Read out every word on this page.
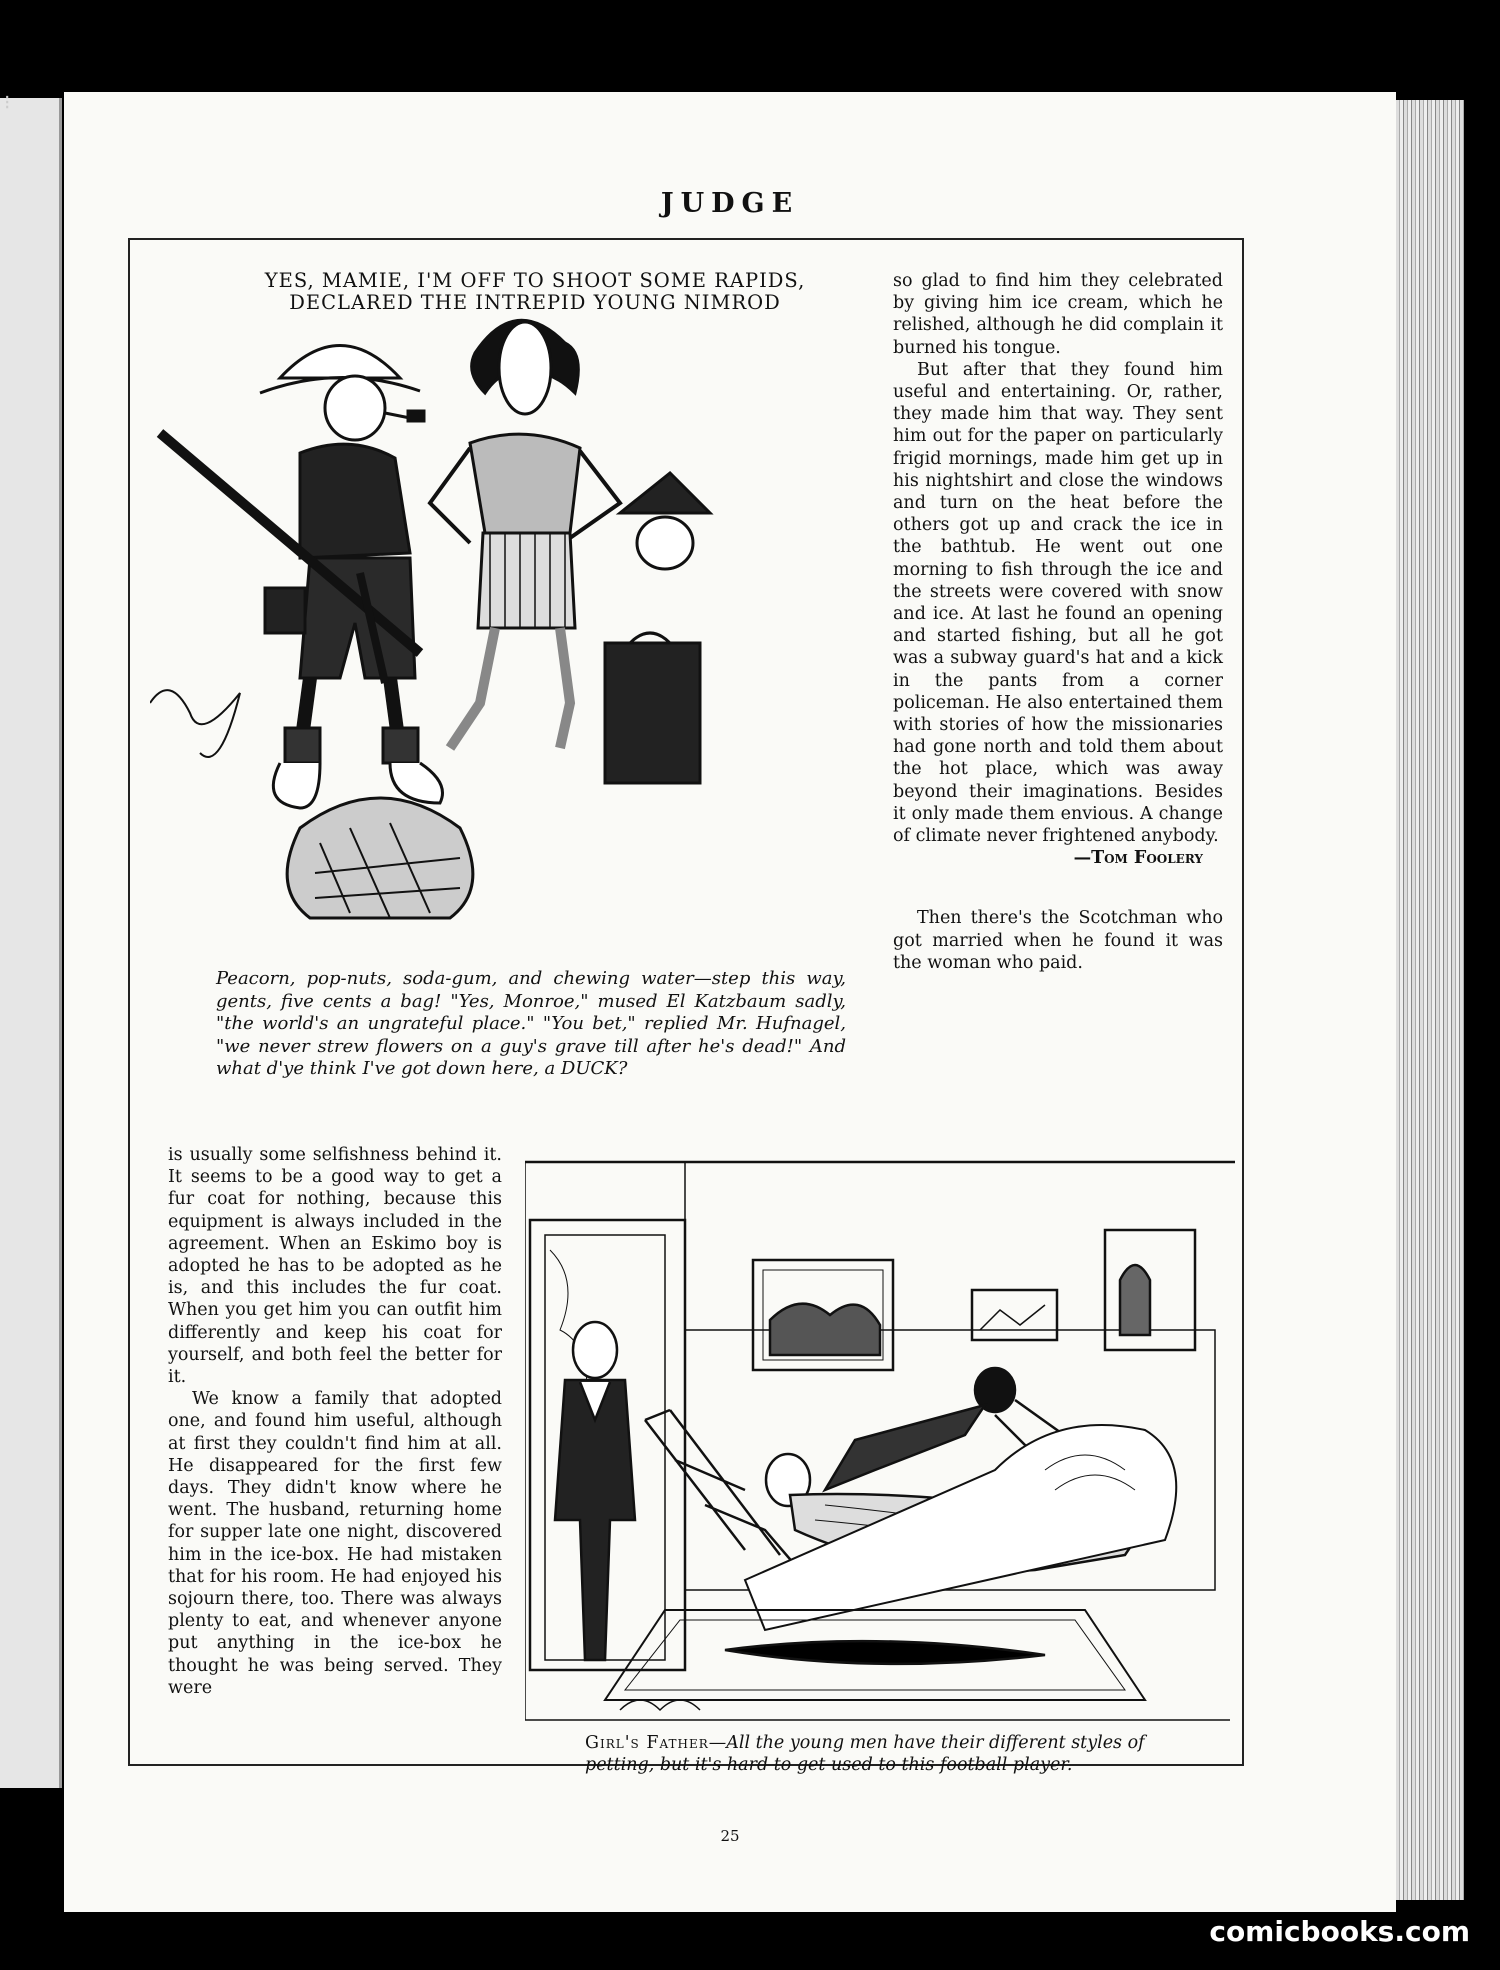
⁝
JUDGE
25
YES, MAMIE, I'M OFF TO SHOOT SOME RAPIDS,
DECLARED THE INTREPID YOUNG NIMROD
Peacorn, pop-nuts, soda-gum, and chewing water—step this way, gents, five cents a bag! "Yes, Monroe," mused El Katzbaum sadly, "the world's an ungrateful place." "You bet," replied Mr. Hufnagel, "we never strew flowers on a guy's grave till after he's dead!" And what d'ye think I've got down here, a DUCK?

so glad to find him they celebrated by giving him ice cream, which he relished, although he did complain it burned his tongue.

But after that they found him useful and entertaining. Or, rather, they made him that way. They sent him out for the paper on particularly frigid mornings, made him get up in his nightshirt and close the windows and turn on the heat before the others got up and crack the ice in the bathtub. He went out one morning to fish through the ice and the streets were covered with snow and ice. At last he found an opening and started fishing, but all he got was a subway guard's hat and a kick in the pants from a corner policeman. He also entertained them with stories of how the missionaries had gone north and told them about the hot place, which was away beyond their imaginations. Besides it only made them envious. A change of climate never frightened anybody.

—Tom Foolery

Then there's the Scotchman who got married when he found it was the woman who paid.

is usually some selfishness behind it. It seems to be a good way to get a fur coat for nothing, because this equipment is always included in the agreement. When an Eskimo boy is adopted he has to be adopted as he is, and this includes the fur coat. When you get him you can outfit him differently and keep his coat for yourself, and both feel the better for it.

We know a family that adopted one, and found him useful, although at first they couldn't find him at all. He disappeared for the first few days. They didn't know where he went. The husband, returning home for supper late one night, discovered him in the ice-box. He had mistaken that for his room. He had enjoyed his sojourn there, too. There was always plenty to eat, and whenever anyone put anything in the ice-box he thought he was being served. They were

Girl's Father—All the young men have their different styles of petting, but it's hard to get used to this football player.
comicbooks.com
